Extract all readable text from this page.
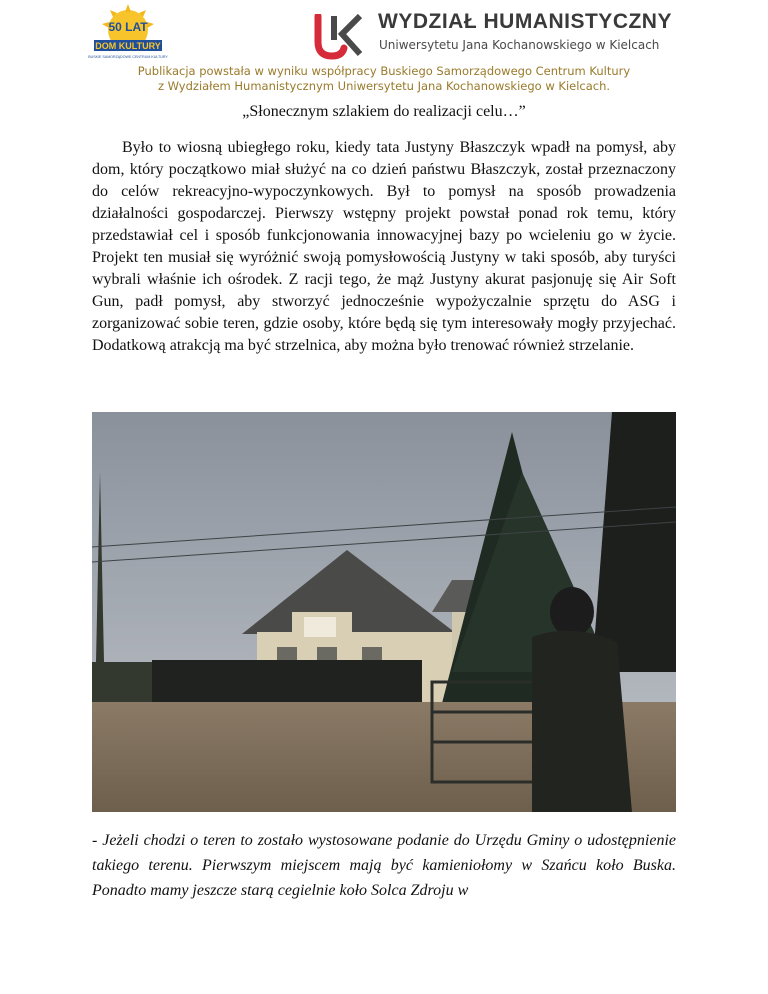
50 LAT
DOM KULTURY
BUSKIE SAMORZĄDOWE CENTRUM KULTURY
WYDZIAŁ HUMANISTYCZNY
Uniwersytetu Jana Kochanowskiego w Kielcach
Publikacja powstała w wyniku współpracy Buskiego Samorządowego Centrum Kultury
z Wydziałem Humanistycznym Uniwersytetu Jana Kochanowskiego w Kielcach.
„Słonecznym szlakiem do realizacji celu…”

Było to wiosną ubiegłego roku, kiedy tata Justyny Błaszczyk wpadł na pomysł, aby dom, który początkowo miał służyć na co dzień państwu Błaszczyk, został przeznaczony do celów rekreacyjno-wypoczynkowych. Był to pomysł na sposób prowadzenia działalności gospodarczej. Pierwszy wstępny projekt powstał ponad rok temu, który przedstawiał cel i sposób funkcjonowania innowacyjnej bazy po wcieleniu go w życie. Projekt ten musiał się wyróżnić swoją pomysłowością Justyny w taki sposób, aby turyści wybrali właśnie ich ośrodek. Z racji tego, że mąż Justyny akurat pasjonuję się Air Soft Gun, padł pomysł, aby stworzyć jednocześnie wypożyczalnie sprzętu do ASG i zorganizować sobie teren, gdzie osoby, które będą się tym interesowały mogły przyjechać. Dodatkową atrakcją ma być strzelnica, aby można było trenować również strzelanie.

- Jeżeli chodzi o teren to zostało wystosowane podanie do Urzędu Gminy o udostępnienie takiego terenu. Pierwszym miejscem mają być kamieniołomy w Szańcu koło Buska. Ponadto mamy jeszcze starą cegielnie koło Solca Zdroju w
